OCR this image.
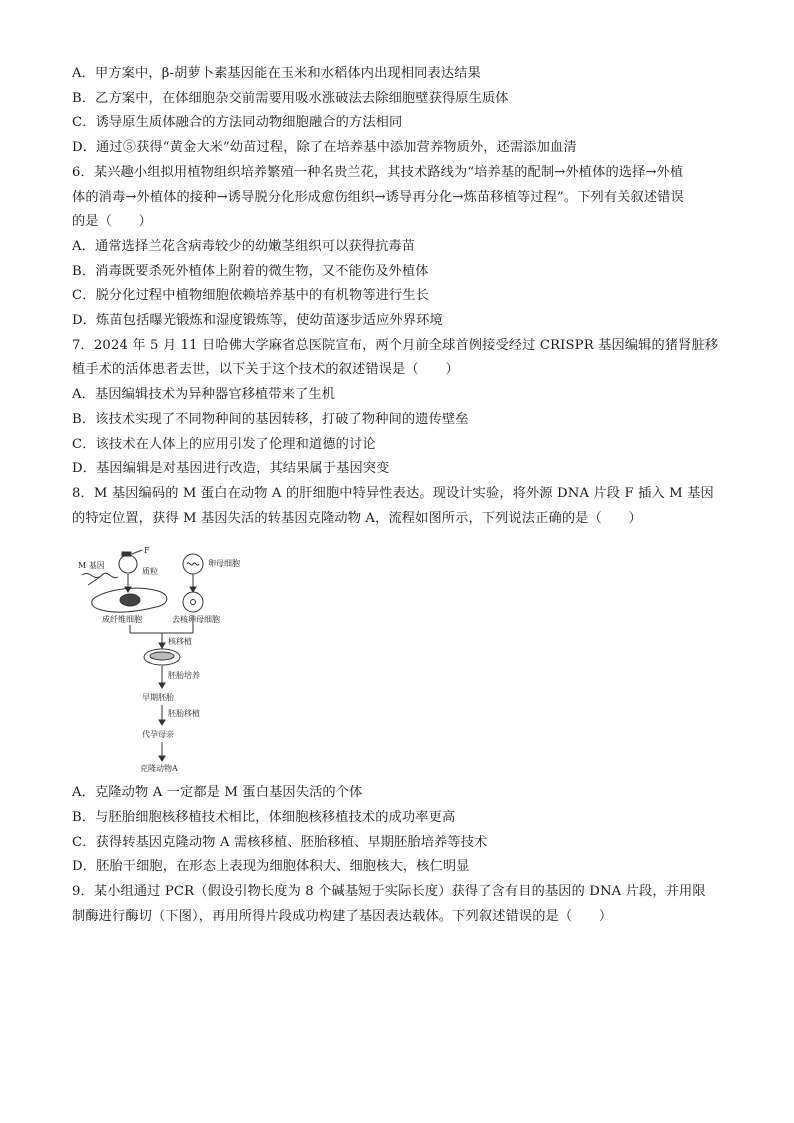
A．甲方案中，β-胡萝卜素基因能在玉米和水稻体内出现相同表达结果
B．乙方案中，在体细胞杂交前需要用吸水涨破法去除细胞壁获得原生质体
C．诱导原生质体融合的方法同动物细胞融合的方法相同
D．通过⑤获得“黄金大米”幼苗过程，除了在培养基中添加营养物质外，还需添加血清
6．某兴趣小组拟用植物组织培养繁殖一种名贵兰花，其技术路线为“培养基的配制→外植体的选择→外植
体的消毒→外植体的接种→诱导脱分化形成愈伤组织→诱导再分化→炼苗移植等过程”。下列有关叙述错误
的是（　　）
A．通常选择兰花含病毒较少的幼嫩茎组织可以获得抗毒苗
B．消毒既要杀死外植体上附着的微生物，又不能伤及外植体
C．脱分化过程中植物细胞依赖培养基中的有机物等进行生长
D．炼苗包括曝光锻炼和湿度锻炼等，使幼苗逐步适应外界环境
7．2024 年 5 月 11 日哈佛大学麻省总医院宣布，两个月前全球首例接受经过 CRISPR 基因编辑的猪肾脏移
植手术的活体患者去世，以下关于这个技术的叙述错误是（　　）
A．基因编辑技术为异种器官移植带来了生机
B．该技术实现了不同物种间的基因转移，打破了物种间的遗传壁垒
C．该技术在人体上的应用引发了伦理和道德的讨论
D．基因编辑是对基因进行改造，其结果属于基因突变
8．M 基因编码的 M 蛋白在动物 A 的肝细胞中特异性表达。现设计实验，将外源 DNA 片段 F 插入 M 基因
的特定位置，获得 M 基因失活的转基因克隆动物 A，流程如图所示，下列说法正确的是（　　）
F
质粒
M 基因	卵母细胞
成纤维细胞	去核卵母细胞
核移植
胚胎培养
早期胚胎
胚胎移植
代孕母亲
克隆动物A
A．克隆动物 A 一定都是 M 蛋白基因失活的个体
B．与胚胎细胞核移植技术相比，体细胞核移植技术的成功率更高
C．获得转基因克隆动物 A 需核移植、胚胎移植、早期胚胎培养等技术
D．胚胎干细胞，在形态上表现为细胞体积大、细胞核大，核仁明显
9．某小组通过 PCR（假设引物长度为 8 个碱基短于实际长度）获得了含有目的基因的 DNA 片段，并用限
制酶进行酶切（下图），再用所得片段成功构建了基因表达载体。下列叙述错误的是（　　）
